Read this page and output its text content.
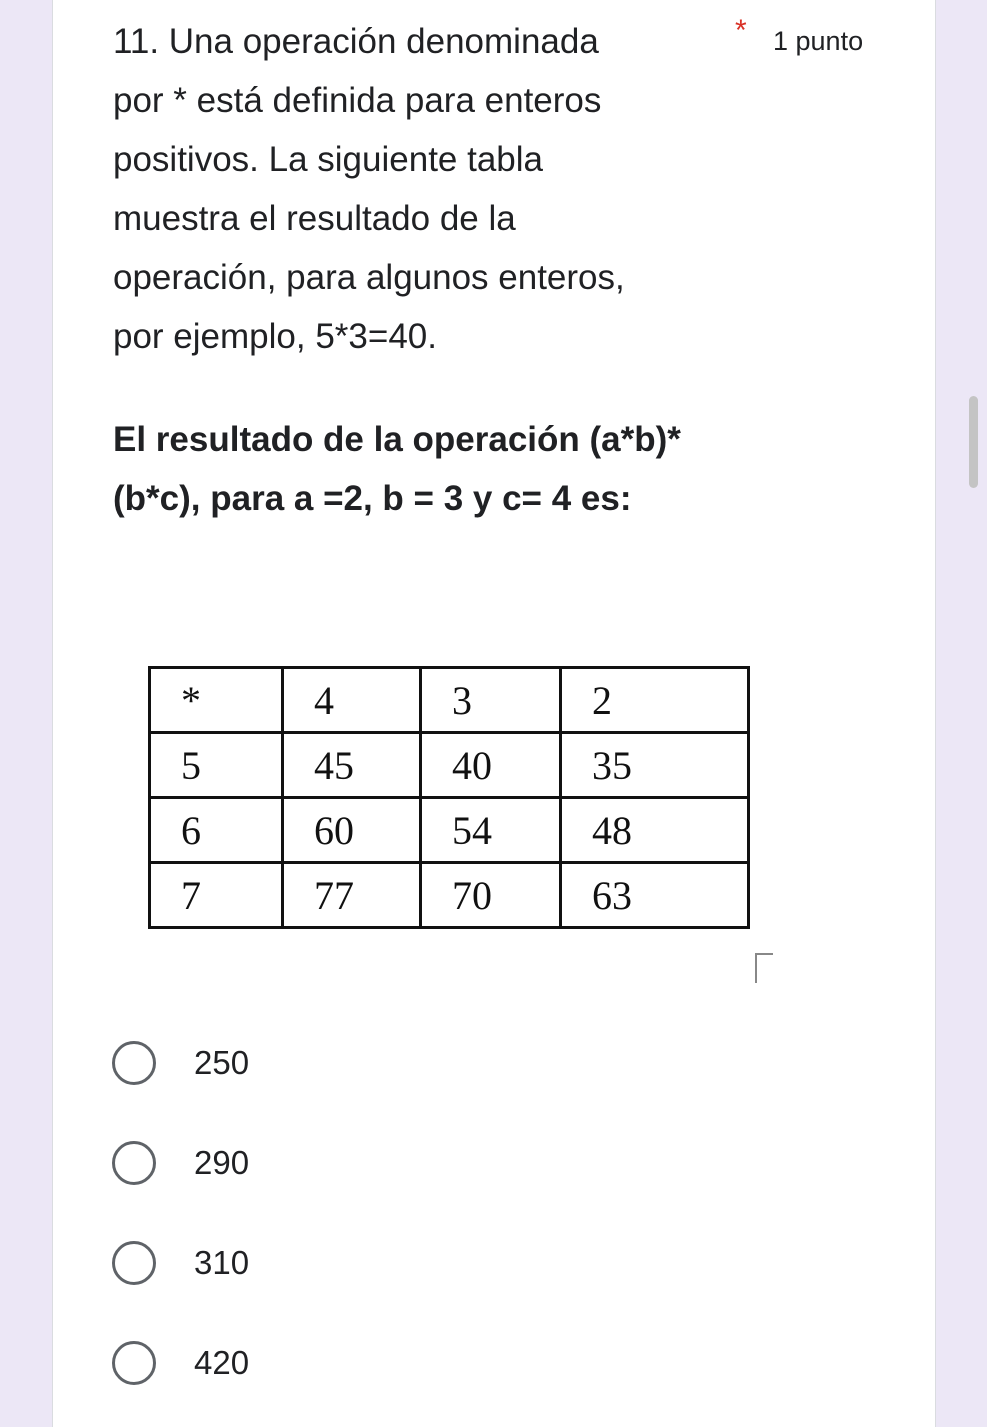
11. Una operación denominada
por * está definida para enteros
positivos. La siguiente tabla
muestra el resultado de la
operación, para algunos enteros,
por ejemplo, 5*3=40.

* 1 punto

El resultado de la operación (a*b)*
(b*c), para a =2, b = 3 y c= 4 es:

*	4	3	2
5	45	40	35
6	60	54	48
7	77	70	63
250
290
310
420
